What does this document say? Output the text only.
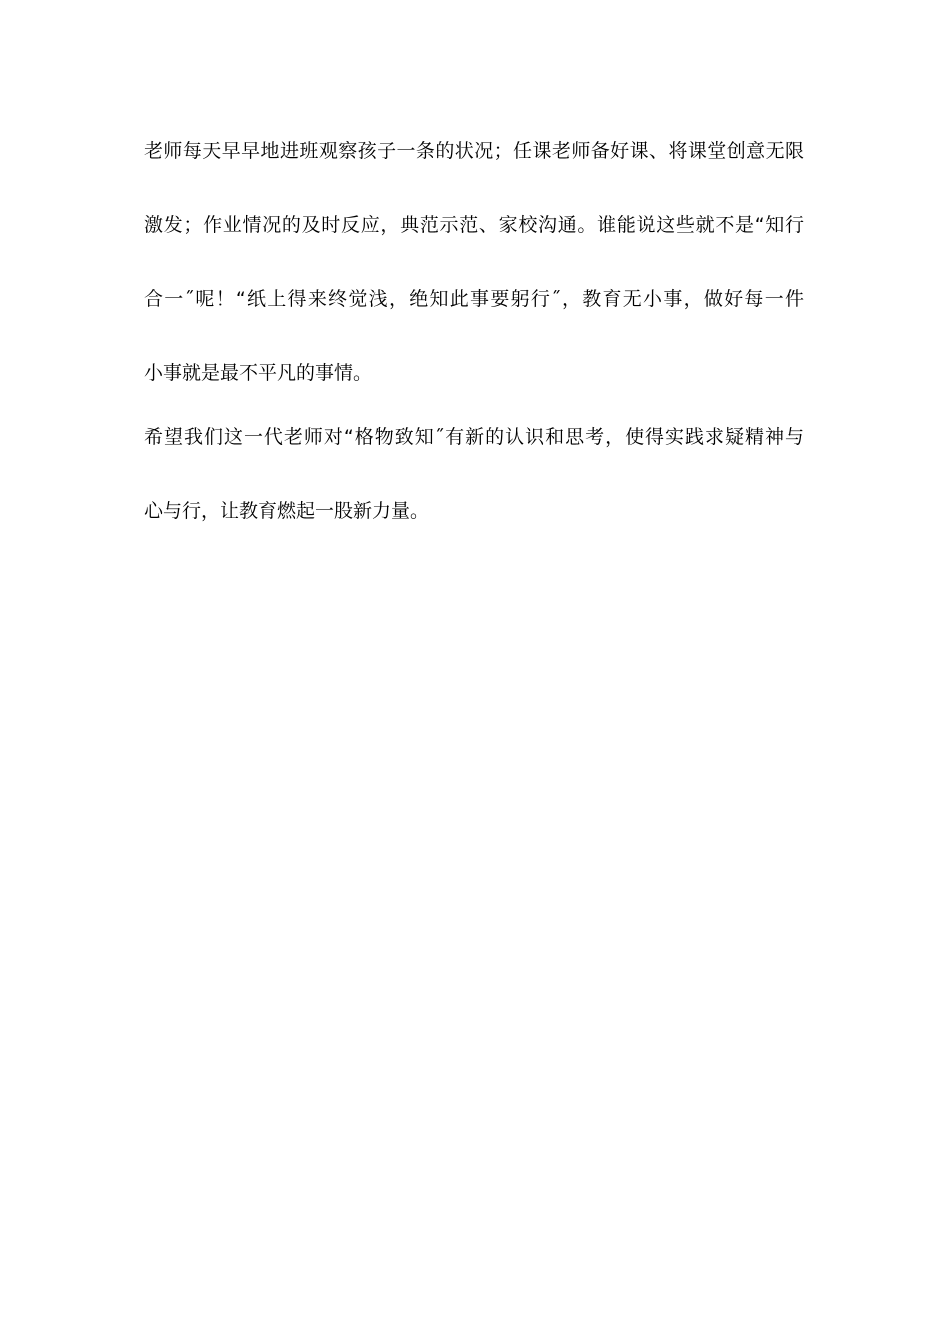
老师每天早早地进班观察孩子一条的状况；任课老师备好课、将课堂创意无限
激发；作业情况的及时反应，典范示范、家校沟通。谁能说这些就不是“知行
合一˝呢！“纸上得来终觉浅，绝知此事要躬行˝，教育无小事，做好每一件
小事就是最不平凡的事情。
希望我们这一代老师对“格物致知˝有新的认识和思考，使得实践求疑精神与
心与行，让教育燃起一股新力量。
